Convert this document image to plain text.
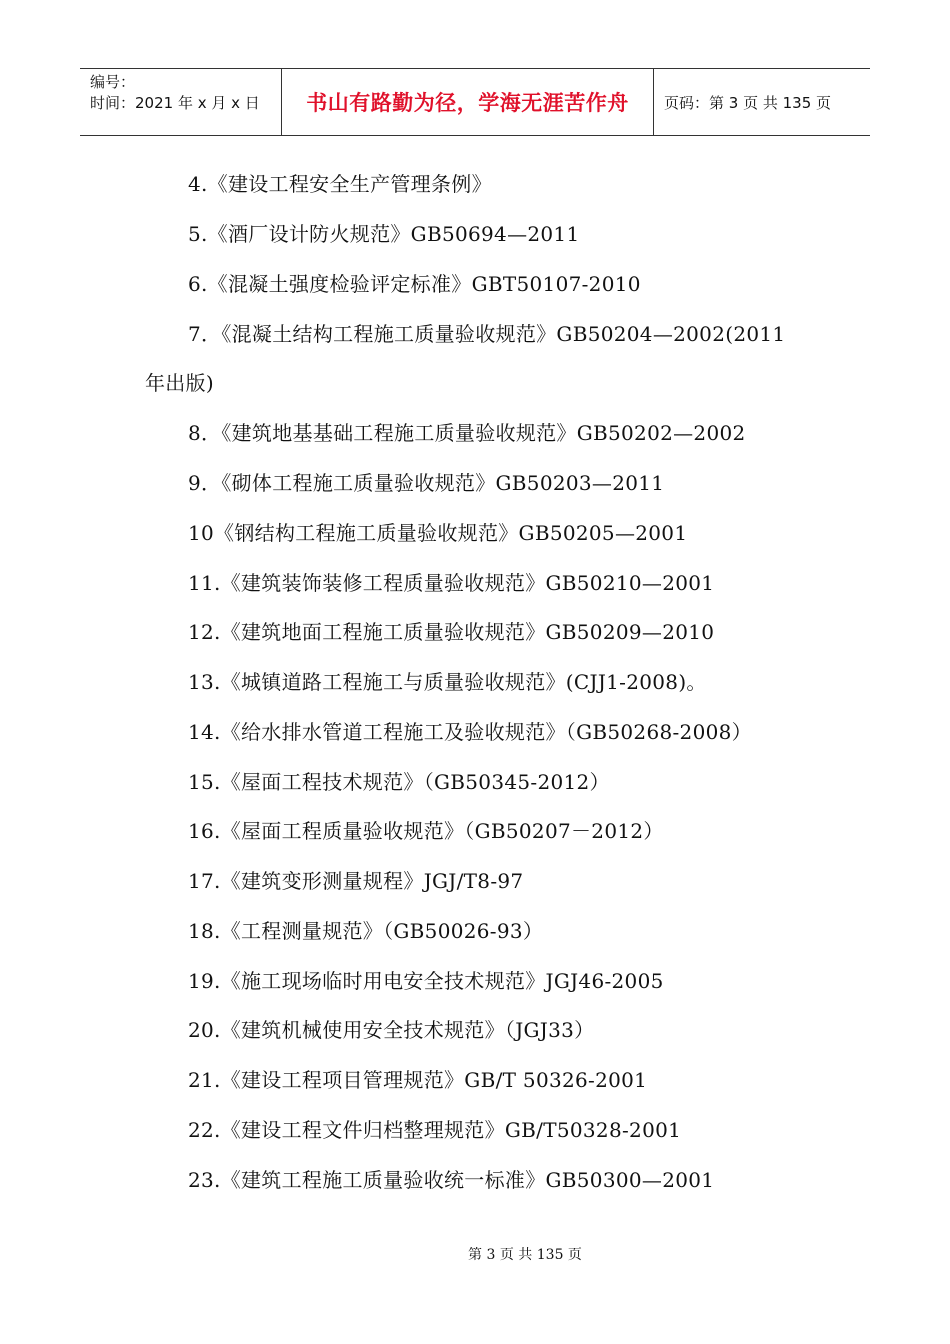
编号：
时间：2021 年 x 月 x 日	书山有路勤为径，学海无涯苦作舟 页码：第 3 页 共 135 页
4.《建设工程安全生产管理条例》
5.《酒厂设计防火规范》GB50694—2011
6.《混凝土强度检验评定标准》GBT50107-2010
7．《混凝土结构工程施工质量验收规范》GB50204—2002(2011
年出版)
8．《建筑地基基础工程施工质量验收规范》GB50202—2002
9．《砌体工程施工质量验收规范》GB50203—2011
10《钢结构工程施工质量验收规范》GB50205—2001
11.《建筑装饰装修工程质量验收规范》GB50210—2001
12.《建筑地面工程施工质量验收规范》GB50209—2010
13.《城镇道路工程施工与质量验收规范》(CJJ1-2008)。
14.《给水排水管道工程施工及验收规范》（GB50268-2008）
15.《屋面工程技术规范》（GB50345-2012）
16.《屋面工程质量验收规范》（GB50207－2012）
17.《建筑变形测量规程》JGJ/T8-97
18.《工程测量规范》（GB50026-93）
19.《施工现场临时用电安全技术规范》JGJ46-2005
20.《建筑机械使用安全技术规范》（JGJ33）
21.《建设工程项目管理规范》GB/T 50326-2001
22.《建设工程文件归档整理规范》GB/T50328-2001
23.《建筑工程施工质量验收统一标准》GB50300—2001
第 3 页 共 135 页
